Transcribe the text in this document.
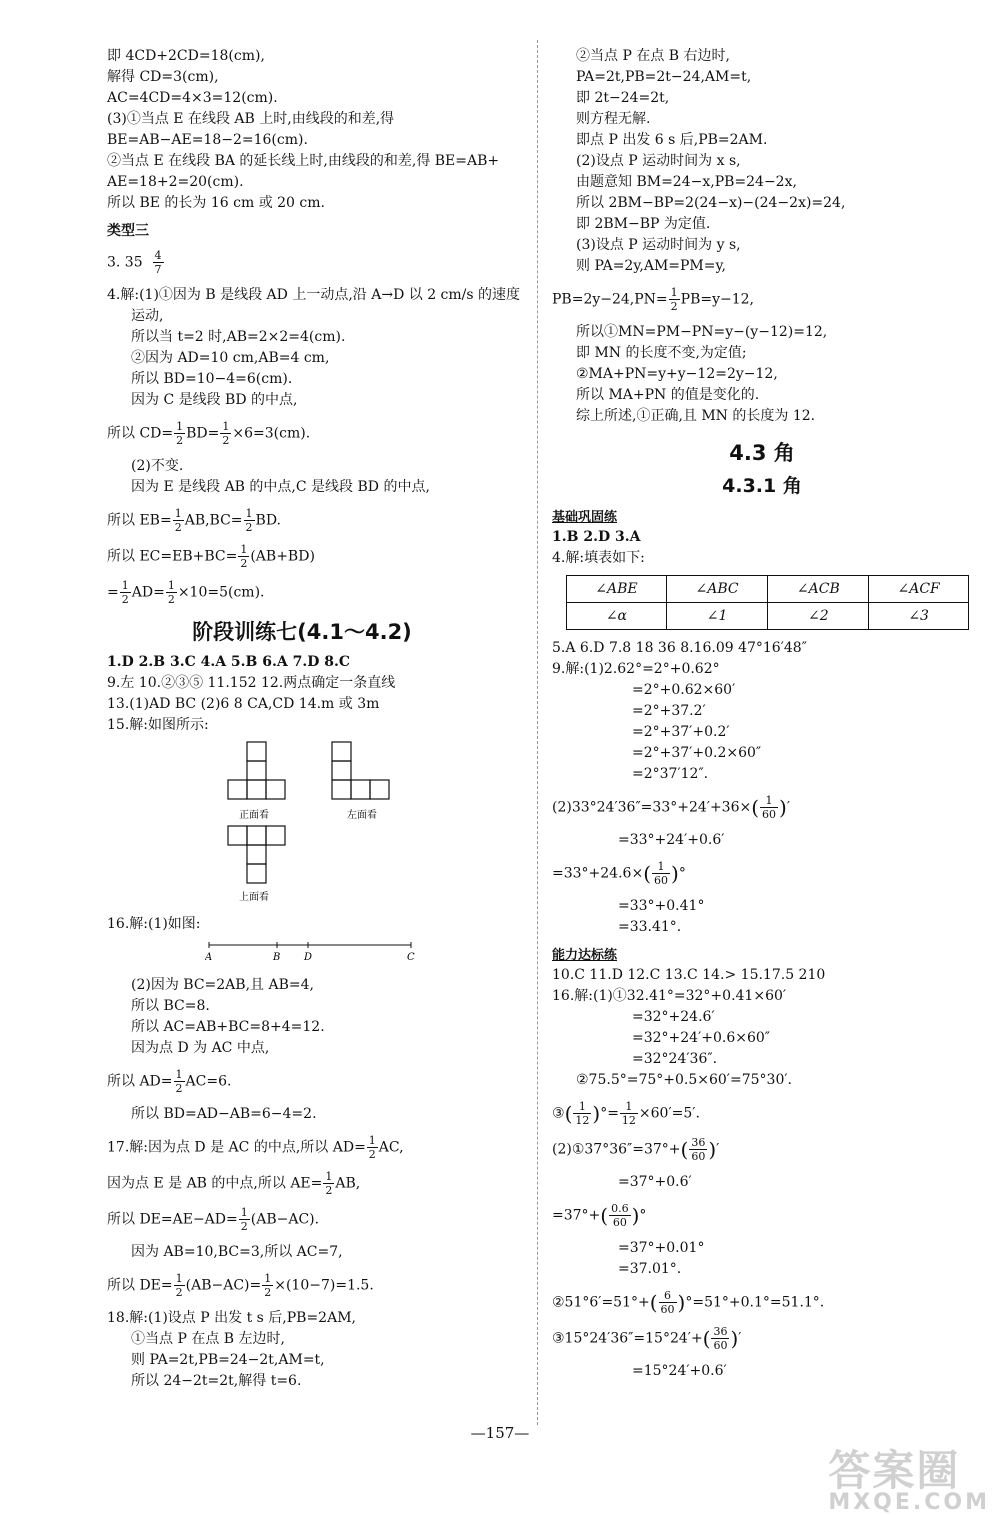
即 4CD+2CD=18(cm),

解得 CD=3(cm),

AC=4CD=4×3=12(cm).

(3)①当点 E 在线段 AB 上时,由线段的和差,得

BE=AB−AE=18−2=16(cm).

②当点 E 在线段 BA 的延长线上时,由线段的和差,得 BE=AB+

AE=18+2=20(cm).

所以 BE 的长为 16 cm 或 20 cm.

类型三

3. $35 \frac{4}{7}$

4.解:(1)①因为 B 是线段 AD 上一动点,沿 A→D 以 2 cm/s 的速度

运动,

所以当 t=2 时,AB=2×2=4(cm).

②因为 AD=10 cm,AB=4 cm,

所以 BD=10−4=6(cm).

因为 C 是线段 BD 的中点,

所以 $CD= \frac{1}{2} BD= \frac{1}{2} \times 6=3(cm)$.

(2)不变.

因为 E 是线段 AB 的中点,C 是线段 BD 的中点,

所以 $EB= \frac{1}{2} AB,BC= \frac{1}{2}$ BD.

所以 $EC=EB+BC= \frac{1}{2} (AB+BD)$

= $\frac{1}{2} AD= \frac{1}{2} \times 10=5(cm)$.

阶段训练七(4.1～4.2)

1.D 2.B 3.C 4.A 5.B 6.A 7.D 8.C

9.左 10.②③⑤ 11.152 12.两点确定一条直线

13.(1)AD BC (2)6 8 CA,CD 14.m 或 3m

15.解:如图所示:

正面看	左面看
上面看

16.解:(1)如图:

A	B D	C

(2)因为 BC=2AB,且 AB=4,

所以 BC=8.

所以 AC=AB+BC=8+4=12.

因为点 D 为 AC 中点,

所以 $AD= \frac{1}{2} AC=6$.

所以 BD=AD−AB=6−4=2.

17.解:因为点 D 是 AC 的中点,所以 $AD= \frac{1}{2}$ AC,

因为点 E 是 AB 的中点,所以 $AE= \frac{1}{2}$ AB,

所以 $DE=AE-AD= \frac{1}{2} (AB-AC)$.

因为 AB=10,BC=3,所以 AC=7,

所以 $DE= \frac{1}{2} (AB-AC)= \frac{1}{2} \times(10-7)=1.5$.

18.解:(1)设点 P 出发 t s 后,PB=2AM,

①当点 P 在点 B 左边时,

则 PA=2t,PB=24−2t,AM=t,

所以 24−2t=2t,解得 t=6.

②当点 P 在点 B 右边时,

PA=2t,PB=2t−24,AM=t,

即 2t−24=2t,

则方程无解.

即点 P 出发 6 s 后,PB=2AM.

(2)设点 P 运动时间为 x s,

由题意知 BM=24−x,PB=24−2x,

所以 2BM−BP=2(24−x)−(24−2x)=24,

即 2BM−BP 为定值.

(3)设点 P 运动时间为 y s,

则 PA=2y,AM=PM=y,

$PB=2y-24,PN= \frac{1}{2} PB=y-12$,

所以①MN=PM−PN=y−(y−12)=12,

即 MN 的长度不变,为定值;

②MA+PN=y+y−12=2y−12,

所以 MA+PN 的值是变化的.

综上所述,①正确,且 MN 的长度为 12.

4.3 角
4.3.1 角
基础巩固练

1.B 2.D 3.A

4.解:填表如下:

∠ABE	∠ABC	∠ACB	∠ACF
∠α	∠1	∠2	∠3

5.A 6.D 7.8 18 36 8.16.09 47°16′48″

9.解:(1)2.62°=2°+0.62°

=2°+0.62×60′

=2°+37.2′

=2°+37′+0.2′

=2°+37′+0.2×60″

=2°37′12″.

$(2)33^\circ 24'36''=33^\circ+24'+36\times( \frac{1}{60}$ )′

=33°+24′+0.6′

$=33^\circ+24.6\times( \frac{1}{60}$ )°

=33°+0.41°

=33.41°.

能力达标练

10.C 11.D 12.C 13.C 14.> 15.17.5 210

16.解:(1)①32.41°=32°+0.41×60′

=32°+24.6′

=32°+24′+0.6×60″

=32°24′36″.

②75.5°=75°+0.5×60′=75°30′.

③( $\frac{1}{12}$ )°= $\frac{1}{12} \times 60'=5'$.

(2)①37°36″=37°+( $\frac{36}{60}$ )′

=37°+0.6′

$=37^\circ+( \frac{0.6}{60}$ )°

=37°+0.01°

=37.01°.

②51°6′=51°+( $\frac{6}{60} )^\circ=51^\circ+0.1^\circ=51.1^\circ$.

③15°24′36″=15°24′+( $\frac{36}{60}$ )′

=15°24′+0.6′

—157—
答案圈
MXQE.COM
